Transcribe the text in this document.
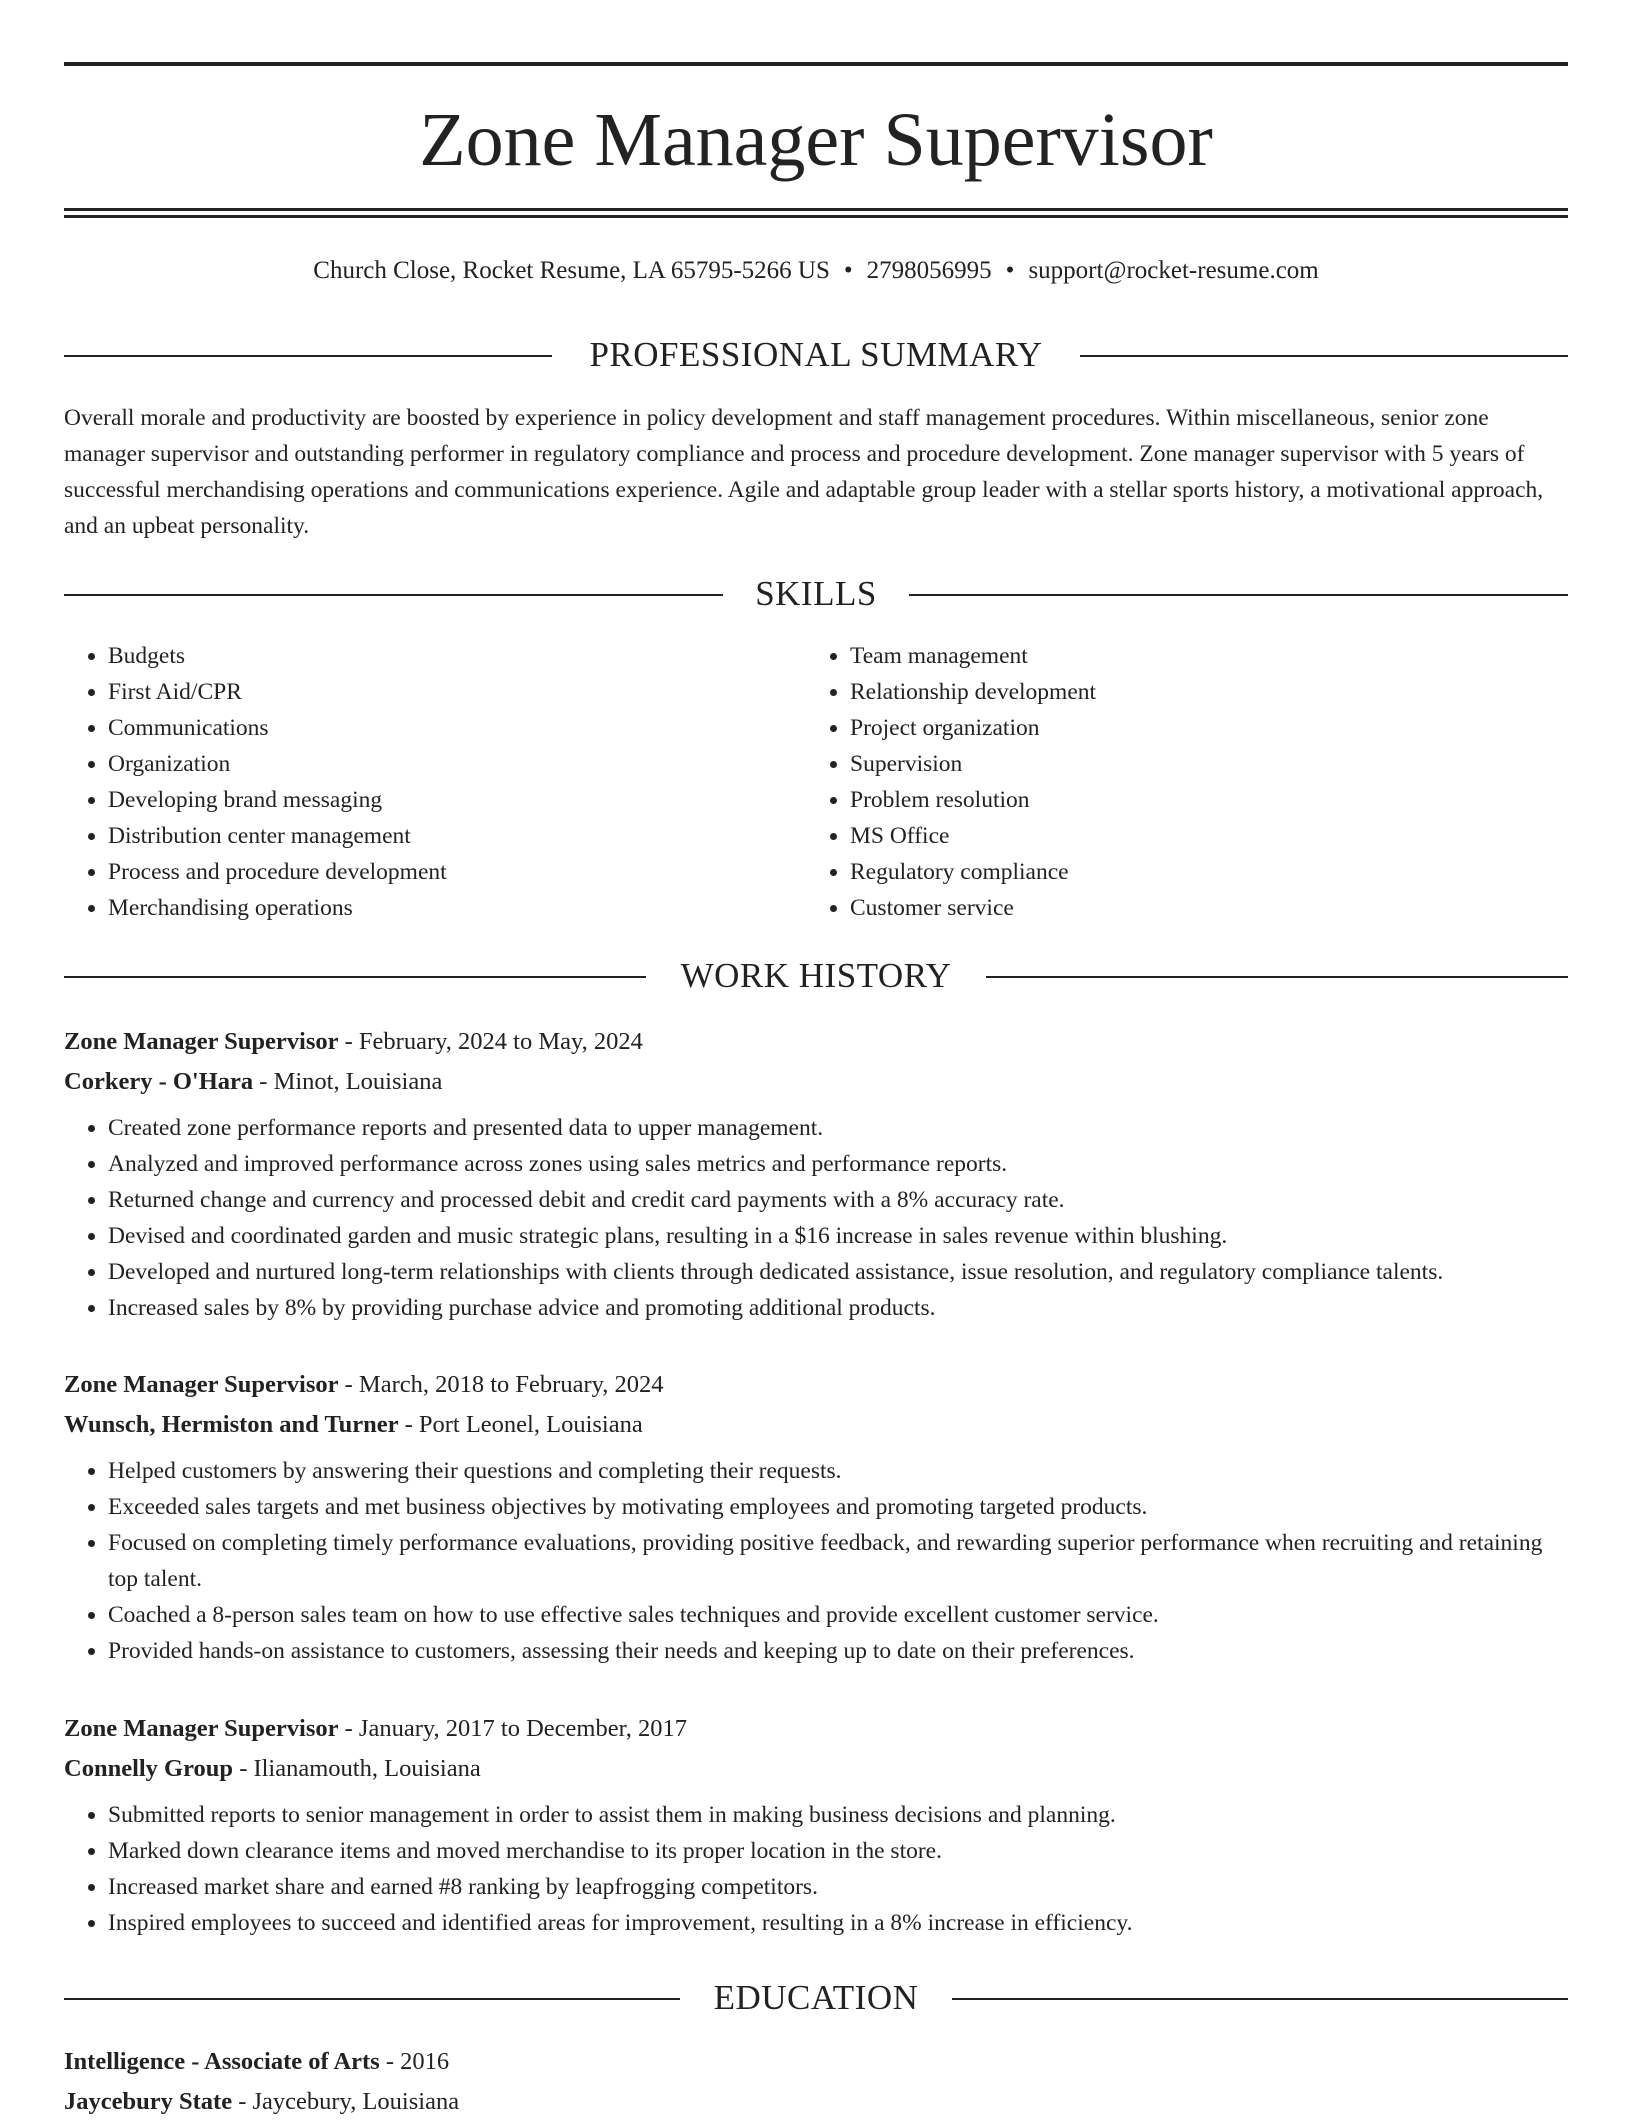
Zone Manager Supervisor
Church Close, Rocket Resume, LA 65795-5266 US • 2798056995 • support@rocket-resume.com
PROFESSIONAL SUMMARY

Overall morale and productivity are boosted by experience in policy development and staff management procedures. Within miscellaneous, senior zone manager supervisor and outstanding performer in regulatory compliance and process and procedure development. Zone manager supervisor with 5 years of successful merchandising operations and communications experience. Agile and adaptable group leader with a stellar sports history, a motivational approach, and an upbeat personality.

SKILLS
• Budgets
• First Aid/CPR
• Communications
• Organization
• Developing brand messaging
• Distribution center management
• Process and procedure development
• Merchandising operations
• Team management
• Relationship development
• Project organization
• Supervision
• Problem resolution
• MS Office
• Regulatory compliance
• Customer service
WORK HISTORY

Zone Manager Supervisor - February, 2024 to May, 2024

Corkery - O'Hara - Minot, Louisiana

• Created zone performance reports and presented data to upper management.
• Analyzed and improved performance across zones using sales metrics and performance reports.
• Returned change and currency and processed debit and credit card payments with a 8% accuracy rate.
• Devised and coordinated garden and music strategic plans, resulting in a $16 increase in sales revenue within blushing.
• Developed and nurtured long-term relationships with clients through dedicated assistance, issue resolution, and regulatory compliance talents.
• Increased sales by 8% by providing purchase advice and promoting additional products.

Zone Manager Supervisor - March, 2018 to February, 2024

Wunsch, Hermiston and Turner - Port Leonel, Louisiana

• Helped customers by answering their questions and completing their requests.
• Exceeded sales targets and met business objectives by motivating employees and promoting targeted products.
• Focused on completing timely performance evaluations, providing positive feedback, and rewarding superior performance when recruiting and retaining top talent.
• Coached a 8-person sales team on how to use effective sales techniques and provide excellent customer service.
• Provided hands-on assistance to customers, assessing their needs and keeping up to date on their preferences.

Zone Manager Supervisor - January, 2017 to December, 2017

Connelly Group - Ilianamouth, Louisiana

• Submitted reports to senior management in order to assist them in making business decisions and planning.
• Marked down clearance items and moved merchandise to its proper location in the store.
• Increased market share and earned #8 ranking by leapfrogging competitors.
• Inspired employees to succeed and identified areas for improvement, resulting in a 8% increase in efficiency.
EDUCATION

Intelligence - Associate of Arts - 2016

Jaycebury State - Jaycebury, Louisiana
